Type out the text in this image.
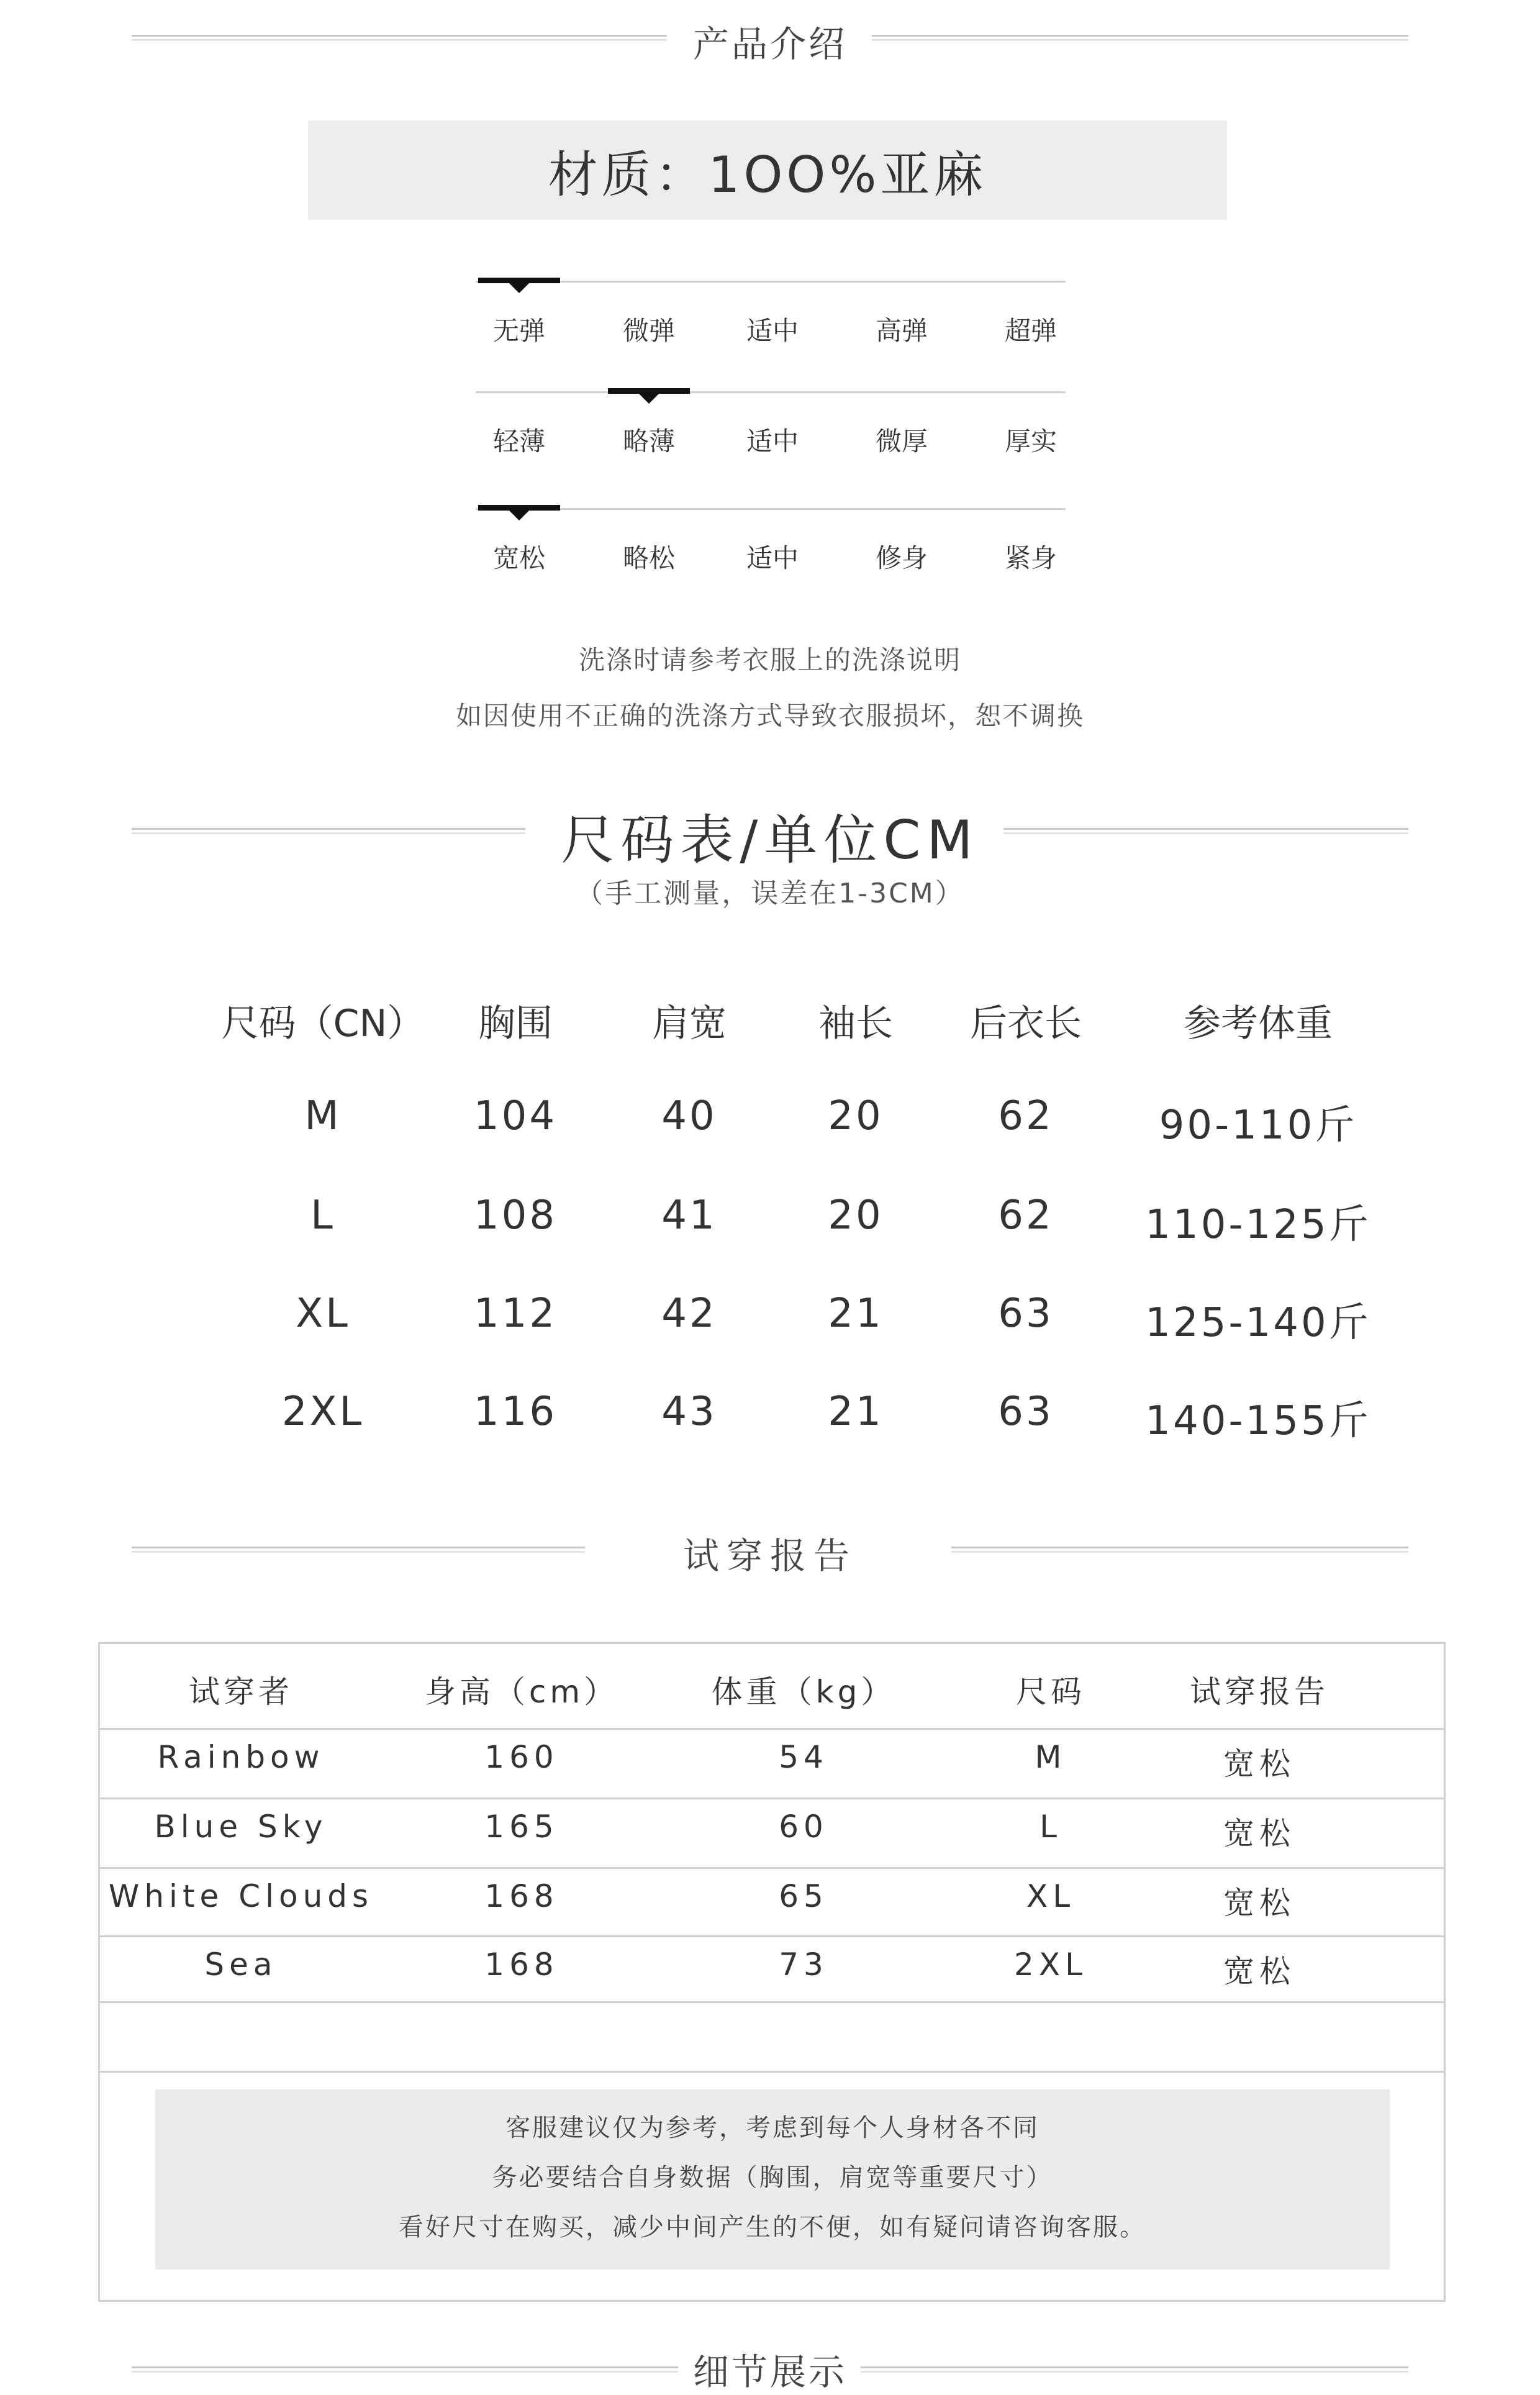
产品介绍
材质：1OO%亚麻
无弹	微弹	适中	高弹	超弹
轻薄	略薄	适中	微厚	厚实
宽松	略松	适中	修身	紧身
洗涤时请参考衣服上的洗涤说明
如因使用不正确的洗涤方式导致衣服损坏，恕不调换
尺码表/单位CM
（手工测量，误差在1-3CM）
尺码（CN）	胸围	肩宽	袖长	后衣长	参考体重
M	104	40	20	62	90-110斤
L	108	41	20	62	110-125斤
XL	112	42	21	63	125-140斤
2XL	116	43	21	63	140-155斤
试穿报告
试穿者	身高（cm）	体重（kg）	尺码	试穿报告
Rainbow	160	54	M	宽松
Blue Sky	165	60	L	宽松
White Clouds	168	65	XL	宽松
Sea	168	73	2XL	宽松
客服建议仅为参考，考虑到每个人身材各不同
务必要结合自身数据（胸围，肩宽等重要尺寸）
看好尺寸在购买，减少中间产生的不便，如有疑问请咨询客服。
细节展示
